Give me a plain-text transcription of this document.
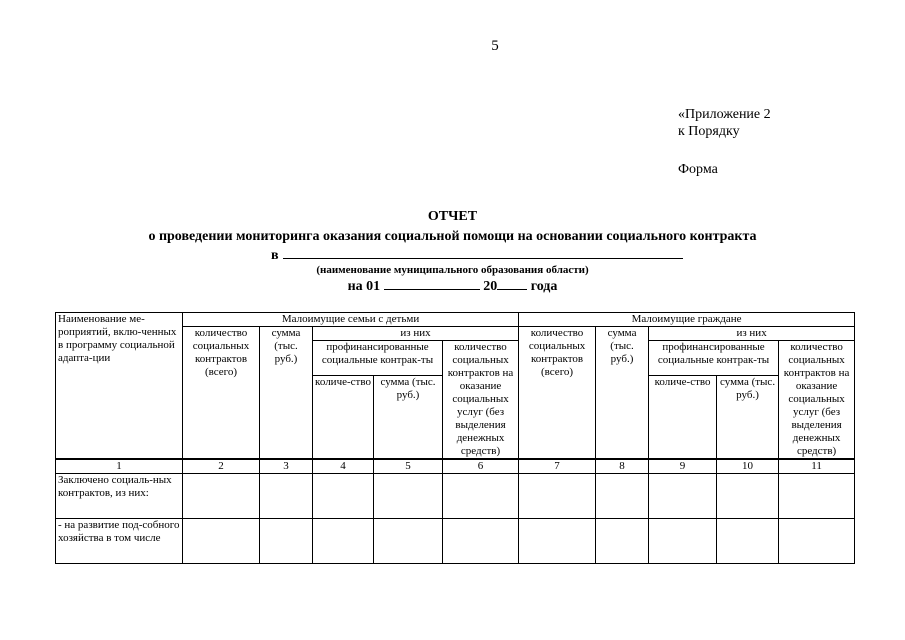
5
«Приложение 2
к Порядку
Форма
ОТЧЕТ
о проведении мониторинга оказания социальной помощи на основании социального контракта
в
(наименование муниципального образования области)
на 01	20 года
Наименование ме-роприятий, вклю-ченных в программу социальной адапта-ции	Малоимущие семьи с детьми					Малоимущие граждане				
	количество социальных контрактов (всего)	сумма (тыс. руб.)	из них			количество социальных контрактов (всего)	сумма (тыс. руб.)	из них		
			профинансированные социальные контрак-ты		количество социальных контрактов на оказание социальных услуг (без выделения денежных средств)			профинансированные социальные контрак-ты		количество социальных контрактов на оказание социальных услуг (без выделения денежных средств)
			количе-ство	сумма (тыс. руб.)				количе-ство	сумма (тыс. руб.)	
1	2	3	4	5	6	7	8	9	10	11
Заключено социаль-ных контрактов, из них:										
- на развитие под-собного хозяйства в том числе										
